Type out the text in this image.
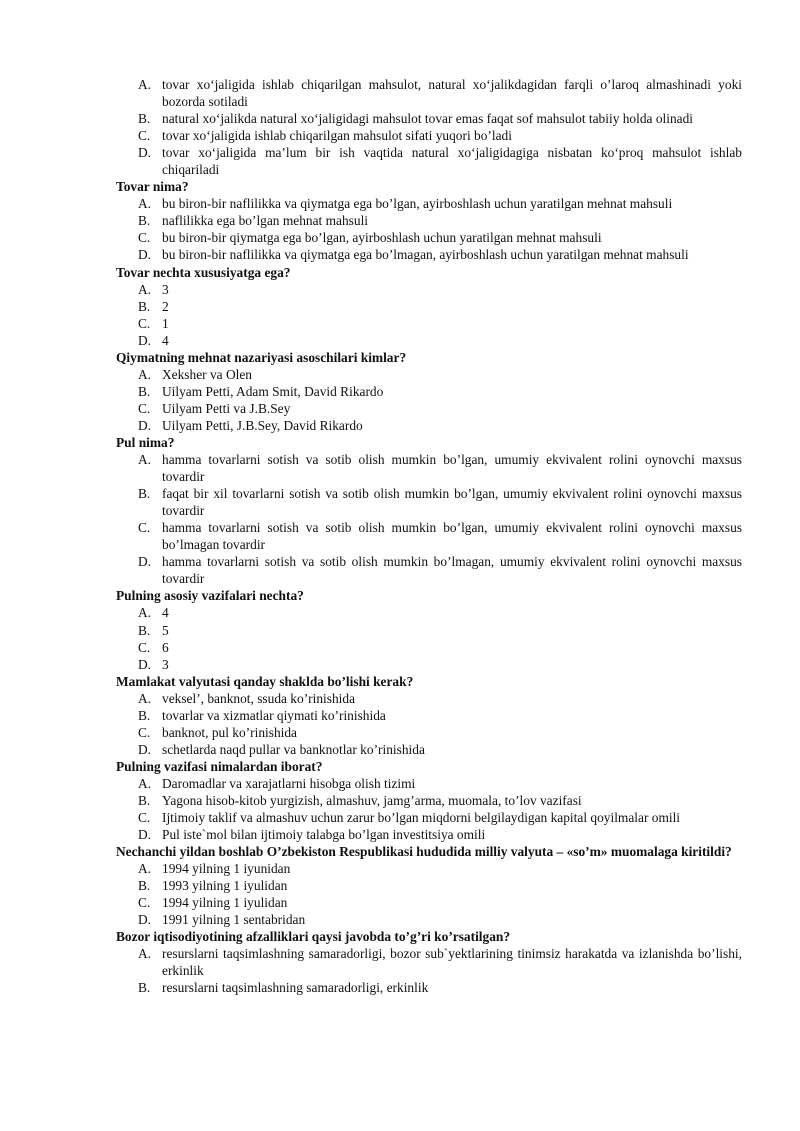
A. tovar xo‘jaligida ishlab chiqarilgan mahsulot, natural xo‘jalikdagidan farqli o’laroq almashinadi yoki bozorda sotiladi
B. natural xo‘jalikda natural xo‘jaligidagi mahsulot tovar emas faqat sof mahsulot tabiiy holda olinadi
C. tovar xo‘jaligida ishlab chiqarilgan mahsulot sifati yuqori bo’ladi
D. tovar xo‘jaligida ma’lum bir ish vaqtida natural xo‘jaligidagiga nisbatan ko‘proq mahsulot ishlab chiqariladi

Tovar nima?

A. bu biron-bir naflilikka va qiymatga ega bo’lgan, ayirboshlash uchun yaratilgan mehnat mahsuli
B. naflilikka ega bo’lgan mehnat mahsuli
C. bu biron-bir qiymatga ega bo’lgan, ayirboshlash uchun yaratilgan mehnat mahsuli
D. bu biron-bir naflilikka va qiymatga ega bo’lmagan, ayirboshlash uchun yaratilgan mehnat mahsuli

Tovar nechta xususiyatga ega?

A. 3
B. 2
C. 1
D. 4

Qiymatning mehnat nazariyasi asoschilari kimlar?

A. Xeksher va Olen
B. Uilyam Petti, Adam Smit, David Rikardo
C. Uilyam Petti va J.B.Sey
D. Uilyam Petti, J.B.Sey, David Rikardo

Pul nima?

A. hamma tovarlarni sotish va sotib olish mumkin bo’lgan, umumiy ekvivalent rolini oynovchi maxsus tovardir
B. faqat bir xil tovarlarni sotish va sotib olish mumkin bo’lgan, umumiy ekvivalent rolini oynovchi maxsus tovardir
C. hamma tovarlarni sotish va sotib olish mumkin bo’lgan, umumiy ekvivalent rolini oynovchi maxsus bo’lmagan tovardir
D. hamma tovarlarni sotish va sotib olish mumkin bo’lmagan, umumiy ekvivalent rolini oynovchi maxsus tovardir

Pulning asosiy vazifalari nechta?

A. 4
B. 5
C. 6
D. 3

Mamlakat valyutasi qanday shaklda bo’lishi kerak?

A. veksel’, banknot, ssuda ko’rinishida
B. tovarlar va xizmatlar qiymati ko’rinishida
C. banknot, pul ko’rinishida
D. schetlarda naqd pullar va banknotlar ko’rinishida

Pulning vazifasi nimalardan iborat?

A. Daromadlar va xarajatlarni hisobga olish tizimi
B. Yagona hisob-kitob yurgizish, almashuv, jamg’arma, muomala, to’lov vazifasi
C. Ijtimoiy taklif va almashuv uchun zarur bo’lgan miqdorni belgilaydigan kapital qoyilmalar omili
D. Pul iste`mol bilan ijtimoiy talabga bo’lgan investitsiya omili

Nechanchi yildan boshlab O’zbekiston Respublikasi hududida milliy valyuta – «so’m» muomalaga kiritildi?

A. 1994 yilning 1 iyunidan
B. 1993 yilning 1 iyulidan
C. 1994 yilning 1 iyulidan
D. 1991 yilning 1 sentabridan

Bozor iqtisodiyotining afzalliklari qaysi javobda to’g’ri ko’rsatilgan?

A. resurslarni taqsimlashning samaradorligi, bozor sub`yektlarining tinimsiz harakatda va izlanishda bo’lishi, erkinlik
B. resurslarni taqsimlashning samaradorligi, erkinlik
